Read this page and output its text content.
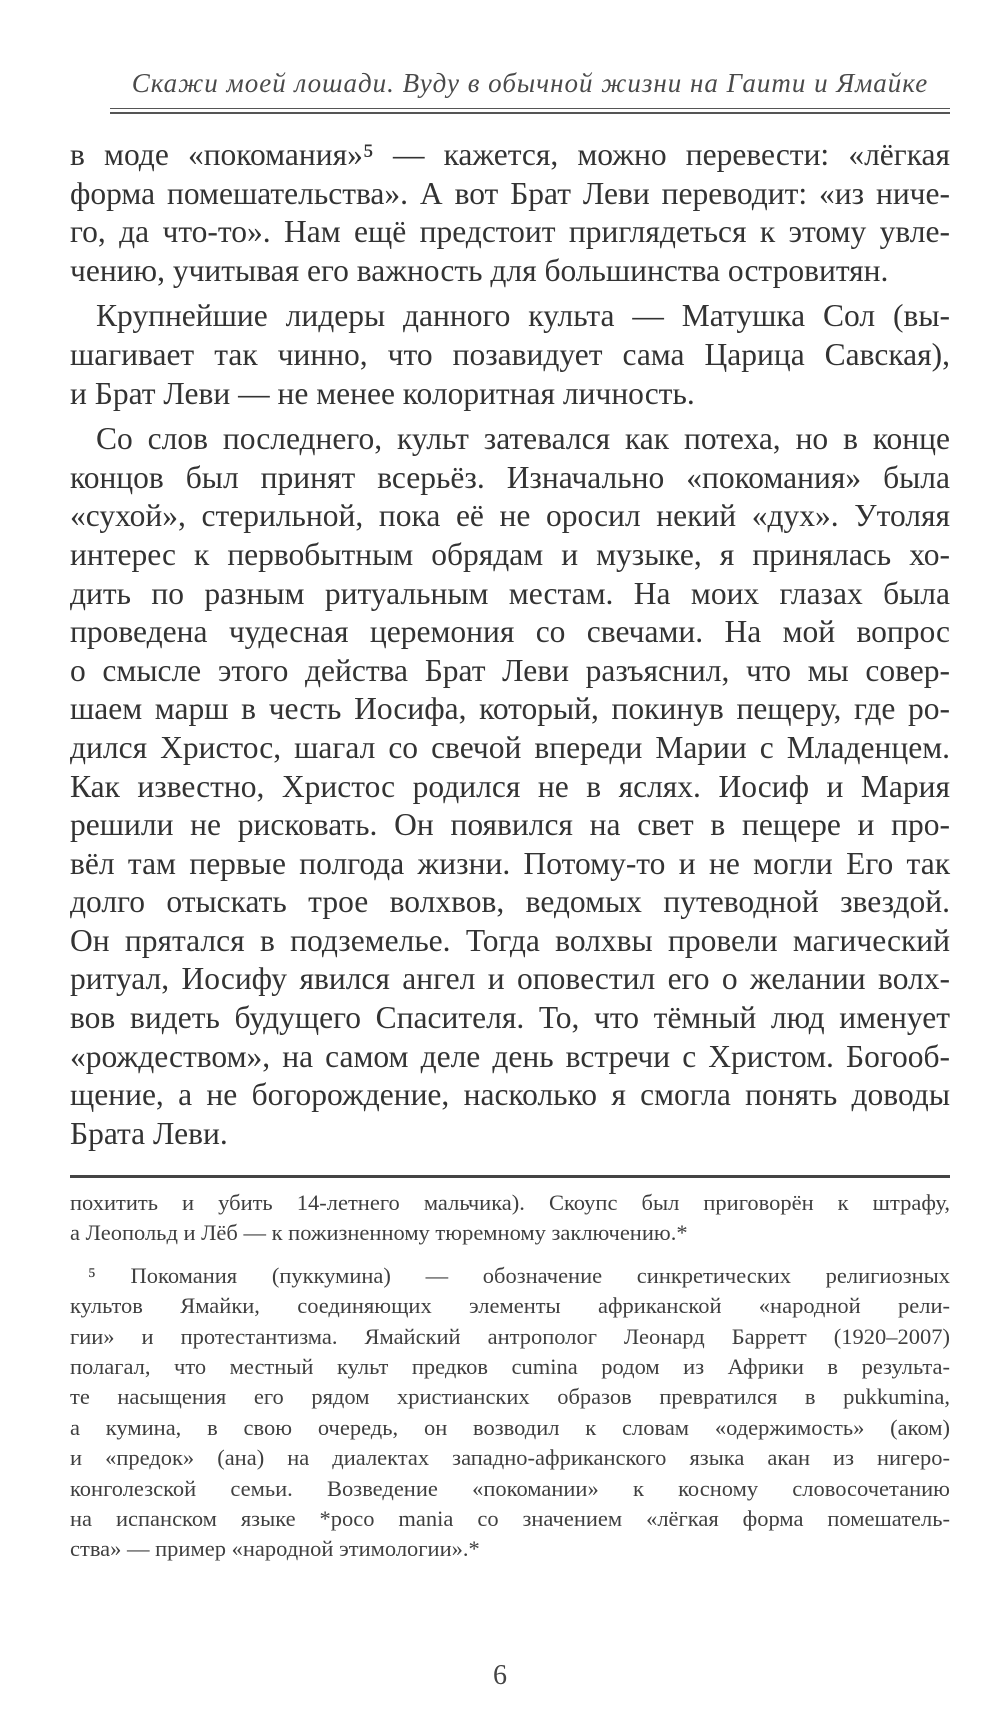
Скажи моей лошади. Вуду в обычной жизни на Гаити и Ямайке

в моде «покомания»⁵ — кажется, можно перевести: «лёгкая
форма помешательства». А вот Брат Леви переводит: «из ниче-
го, да что-то». Нам ещё предстоит приглядеться к этому увле-
чению, учитывая его важность для большинства островитян.

Крупнейшие лидеры данного культа — Матушка Сол (вы-
шагивает так чинно, что позавидует сама Царица Савская),
и Брат Леви — не менее колоритная личность.

Со слов последнего, культ затевался как потеха, но в конце
концов был принят всерьёз. Изначально «покомания» была
«сухой», стерильной, пока её не оросил некий «дух». Утоляя
интерес к первобытным обрядам и музыке, я принялась хо-
дить по разным ритуальным местам. На моих глазах была
проведена чудесная церемония со свечами. На мой вопрос
о смысле этого действа Брат Леви разъяснил, что мы совер-
шаем марш в честь Иосифа, который, покинув пещеру, где ро-
дился Христос, шагал со свечой впереди Марии с Младенцем.
Как известно, Христос родился не в яслях. Иосиф и Мария
решили не рисковать. Он появился на свет в пещере и про-
вёл там первые полгода жизни. Потому-то и не могли Его так
долго отыскать трое волхвов, ведомых путеводной звездой.
Он прятался в подземелье. Тогда волхвы провели магический
ритуал, Иосифу явился ангел и оповестил его о желании волх-
вов видеть будущего Спасителя. То, что тёмный люд именует
«рождеством», на самом деле день встречи с Христом. Богооб-
щение, а не богорождение, насколько я смогла понять доводы
Брата Леви.

похитить и убить 14-летнего мальчика). Скоупс был приговорён к штрафу,
а Леопольд и Лёб — к пожизненному тюремному заключению.*
⁵ Покомания (пуккумина) — обозначение синкретических религиозных
культов Ямайки, соединяющих элементы африканской «народной рели-
гии» и протестантизма. Ямайский антрополог Леонард Барретт (1920–2007)
полагал, что местный культ предков cumina родом из Африки в результа-
те насыщения его рядом христианских образов превратился в pukkumina,
а кумина, в свою очередь, он возводил к словам «одержимость» (аком)
и «предок» (ана) на диалектах западно-африканского языка акан из нигеро-
конголезской семьи. Возведение «покомании» к косному словосочетанию
на испанском языке *poco mania со значением «лёгкая форма помешатель-
ства» — пример «народной этимологии».*
6
